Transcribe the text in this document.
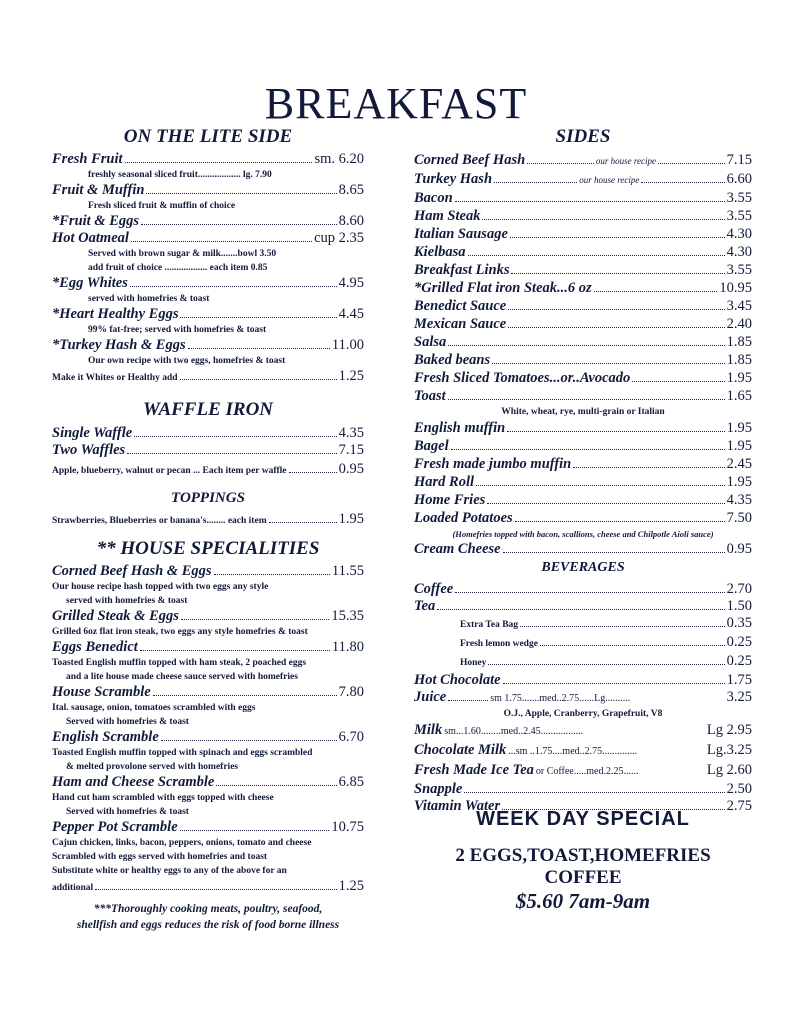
BREAKFAST
ON THE LITE SIDE
Fresh Fruit	sm. 6.20
freshly seasonal sliced fruit.................. lg. 7.90
Fruit & Muffin	8.65
Fresh sliced fruit & muffin of choice
*Fruit & Eggs	8.60
Hot Oatmeal	cup 2.35
Served with brown sugar & milk.......bowl 3.50
add fruit of choice .................. each item 0.85
*Egg Whites	4.95
served with homefries & toast
*Heart Healthy Eggs	4.45
99% fat-free; served with homefries & toast
*Turkey Hash & Eggs	11.00
Our own recipe with two eggs, homefries & toast
Make it Whites or Healthy add	1.25
WAFFLE IRON
Single Waffle	4.35
Two Waffles	7.15
Apple, blueberry, walnut or pecan ... Each item per waffle	0.95
TOPPINGS
Strawberries, Blueberries or banana's........ each item	1.95
** HOUSE SPECIALITIES
Corned Beef Hash & Eggs	11.55
Our house recipe hash topped with two eggs any style
served with homefries & toast
Grilled Steak & Eggs	15.35
Grilled 6oz flat iron steak, two eggs any style homefries & toast
Eggs Benedict	11.80
Toasted English muffin topped with ham steak, 2 poached eggs
and a lite house made cheese sauce served with homefries
House Scramble	7.80
Ital. sausage, onion, tomatoes scrambled with eggs
Served with homefries & toast
English Scramble	6.70
Toasted English muffin topped with spinach and eggs scrambled
& melted provolone served with homefries
Ham and Cheese Scramble	6.85
Hand cut ham scrambled with eggs topped with cheese
Served with homefries & toast
Pepper Pot Scramble	10.75
Cajun chicken, links, bacon, peppers, onions, tomato and cheese
Scrambled with eggs served with homefries and toast
Substitute white or healthy eggs to any of the above for an
additional	1.25
***Thoroughly cooking meats, poultry, seafood,
shellfish and eggs reduces the risk of food borne illness
SIDES
Corned Beef Hash	our house recipe	7.15
Turkey Hash	our house recipe	6.60
Bacon	3.55
Ham Steak	3.55
Italian Sausage	4.30
Kielbasa	4.30
Breakfast Links	3.55
*Grilled Flat iron Steak...6 oz	10.95
Benedict Sauce	3.45
Mexican Sauce	2.40
Salsa	1.85
Baked beans	1.85
Fresh Sliced Tomatoes...or..Avocado	1.95
Toast	1.65
White, wheat, rye, multi-grain or Italian
English muffin	1.95
Bagel	1.95
Fresh made jumbo muffin	2.45
Hard Roll	1.95
Home Fries	4.35
Loaded Potatoes	7.50
(Homefries topped with bacon, scallions, cheese and Chilpotle Aioli sauce)
Cream Cheese	0.95
BEVERAGES
Coffee	2.70
Tea	1.50
Extra Tea Bag	0.35
Fresh lemon wedge	0.25
Honey	0.25
Hot Chocolate	1.75
Juice	sm 1.75.......med..2.75......Lg..........	3.25
O.J., Apple, Cranberry, Grapefruit, V8
Milk sm...1.60........med..2.45.................	Lg 2.95
Chocolate Milk ...sm ..1.75....med..2.75..............	Lg.3.25
Fresh Made Ice Tea or Coffee.....med.2.25......	Lg 2.60
Snapple	2.50
Vitamin Water	2.75
WEEK DAY SPECIAL
2 EGGS,TOAST,HOMEFRIES
COFFEE
$5.60 7am-9am
